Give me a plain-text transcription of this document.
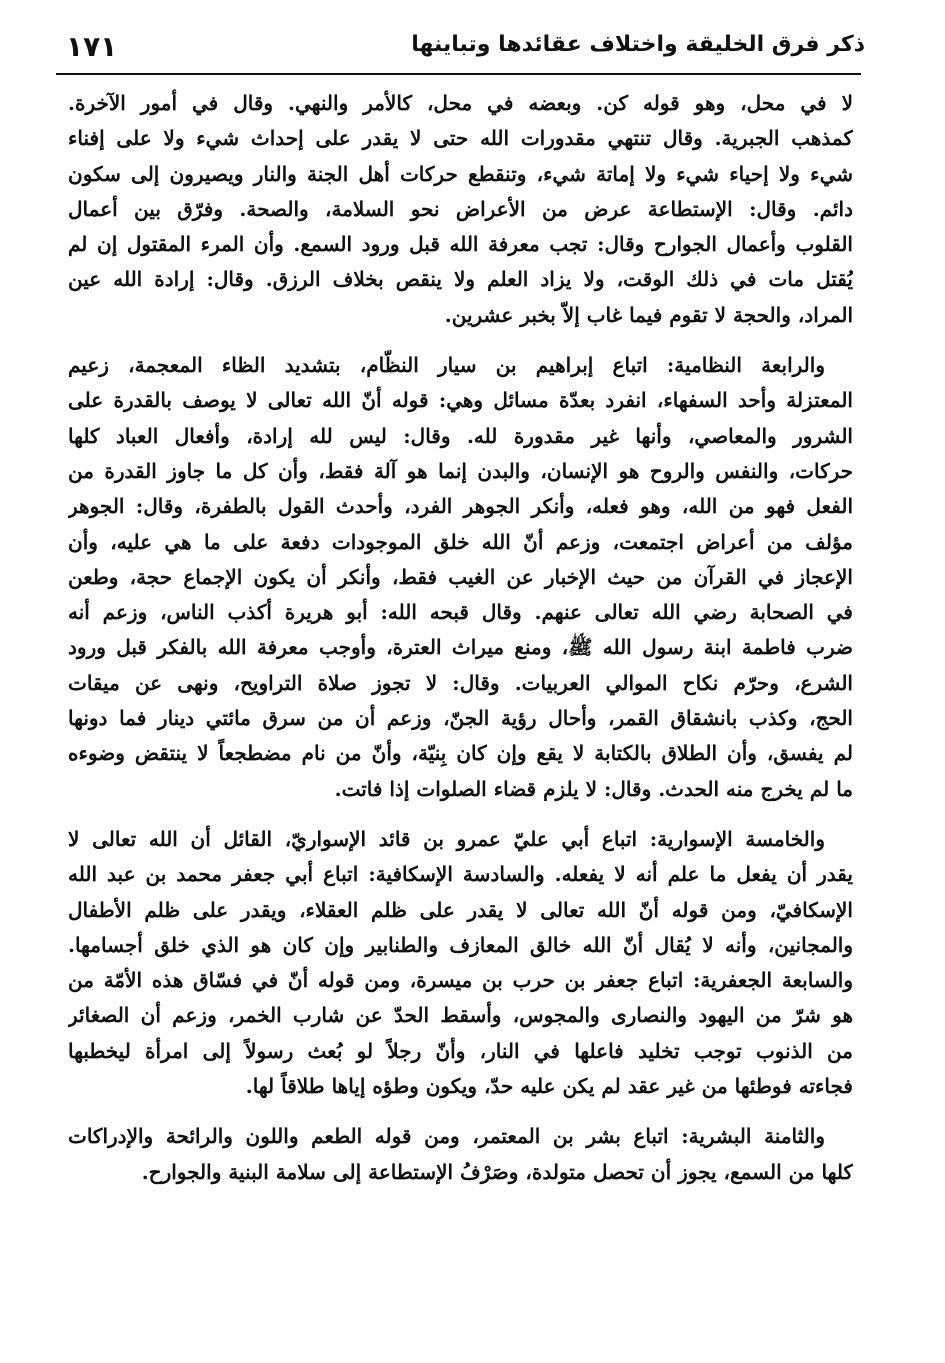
١٧١	ذكر فرق الخليقة واختلاف عقائدها وتباينها
لا في محل، وهو قوله كن. وبعضه في محل، كالأمر والنهي. وقال في أمور الآخرة.
كمذهب الجبرية. وقال تنتهي مقدورات الله حتى لا يقدر على إحداث شيء ولا على إفناء
شيء ولا إحياء شيء ولا إماتة شيء، وتنقطع حركات أهل الجنة والنار ويصيرون إلى سكون
دائم. وقال: الإستطاعة عرض من الأعراض نحو السلامة، والصحة. وفرّق بين أعمال
القلوب وأعمال الجوارح وقال: تجب معرفة الله قبل ورود السمع. وأن المرء المقتول إن لم
يُقتل مات في ذلك الوقت، ولا يزاد العلم ولا ينقص بخلاف الرزق. وقال: إرادة الله عين
المراد، والحجة لا تقوم فيما غاب إلاّ بخبر عشرين.
والرابعة النظامية: اتباع إبراهيم بن سيار النظّام، بتشديد الظاء المعجمة، زعيم
المعتزلة وأحد السفهاء، انفرد بعدّة مسائل وهي: قوله أنّ الله تعالى لا يوصف بالقدرة على
الشرور والمعاصي، وأنها غير مقدورة لله. وقال: ليس لله إرادة، وأفعال العباد كلها
حركات، والنفس والروح هو الإنسان، والبدن إنما هو آلة فقط، وأن كل ما جاوز القدرة من
الفعل فهو من الله، وهو فعله، وأنكر الجوهر الفرد، وأحدث القول بالطفرة، وقال: الجوهر
مؤلف من أعراض اجتمعت، وزعم أنّ الله خلق الموجودات دفعة على ما هي عليه، وأن
الإعجاز في القرآن من حيث الإخبار عن الغيب فقط، وأنكر أن يكون الإجماع حجة، وطعن
في الصحابة رضي الله تعالى عنهم. وقال قبحه الله: أبو هريرة أكذب الناس، وزعم أنه
ضرب فاطمة ابنة رسول الله ﷺ، ومنع ميراث العترة، وأوجب معرفة الله بالفكر قبل ورود
الشرع، وحرّم نكاح الموالي العربيات. وقال: لا تجوز صلاة التراويح، ونهى عن ميقات
الحج، وكذب بانشقاق القمر، وأحال رؤية الجنّ، وزعم أن من سرق مائتي دينار فما دونها
لم يفسق، وأن الطلاق بالكتابة لا يقع وإن كان بِنيّة، وأنّ من نام مضطجعاً لا ينتقض وضوءه
ما لم يخرج منه الحدث. وقال: لا يلزم قضاء الصلوات إذا فاتت.
والخامسة الإسوارية: اتباع أبي عليّ عمرو بن قائد الإسواريّ، القائل أن الله تعالى لا
يقدر أن يفعل ما علم أنه لا يفعله. والسادسة الإسكافية: اتباع أبي جعفر محمد بن عبد الله
الإسكافيّ، ومن قوله أنّ الله تعالى لا يقدر على ظلم العقلاء، ويقدر على ظلم الأطفال
والمجانين، وأنه لا يُقال أنّ الله خالق المعازف والطنابير وإن كان هو الذي خلق أجسامها.
والسابعة الجعفرية: اتباع جعفر بن حرب بن ميسرة، ومن قوله أنّ في فسّاق هذه الأمّة من
هو شرّ من اليهود والنصارى والمجوس، وأسقط الحدّ عن شارب الخمر، وزعم أن الصغائر
من الذنوب توجب تخليد فاعلها في النار، وأنّ رجلاً لو بُعث رسولاً إلى امرأة ليخطبها
فجاءته فوطئها من غير عقد لم يكن عليه حدّ، ويكون وطؤه إياها طلاقاً لها.
والثامنة البشرية: اتباع بشر بن المعتمر، ومن قوله الطعم واللون والرائحة والإدراكات
كلها من السمع، يجوز أن تحصل متولدة، وصَرْفُ الإستطاعة إلى سلامة البنية والجوارح.
